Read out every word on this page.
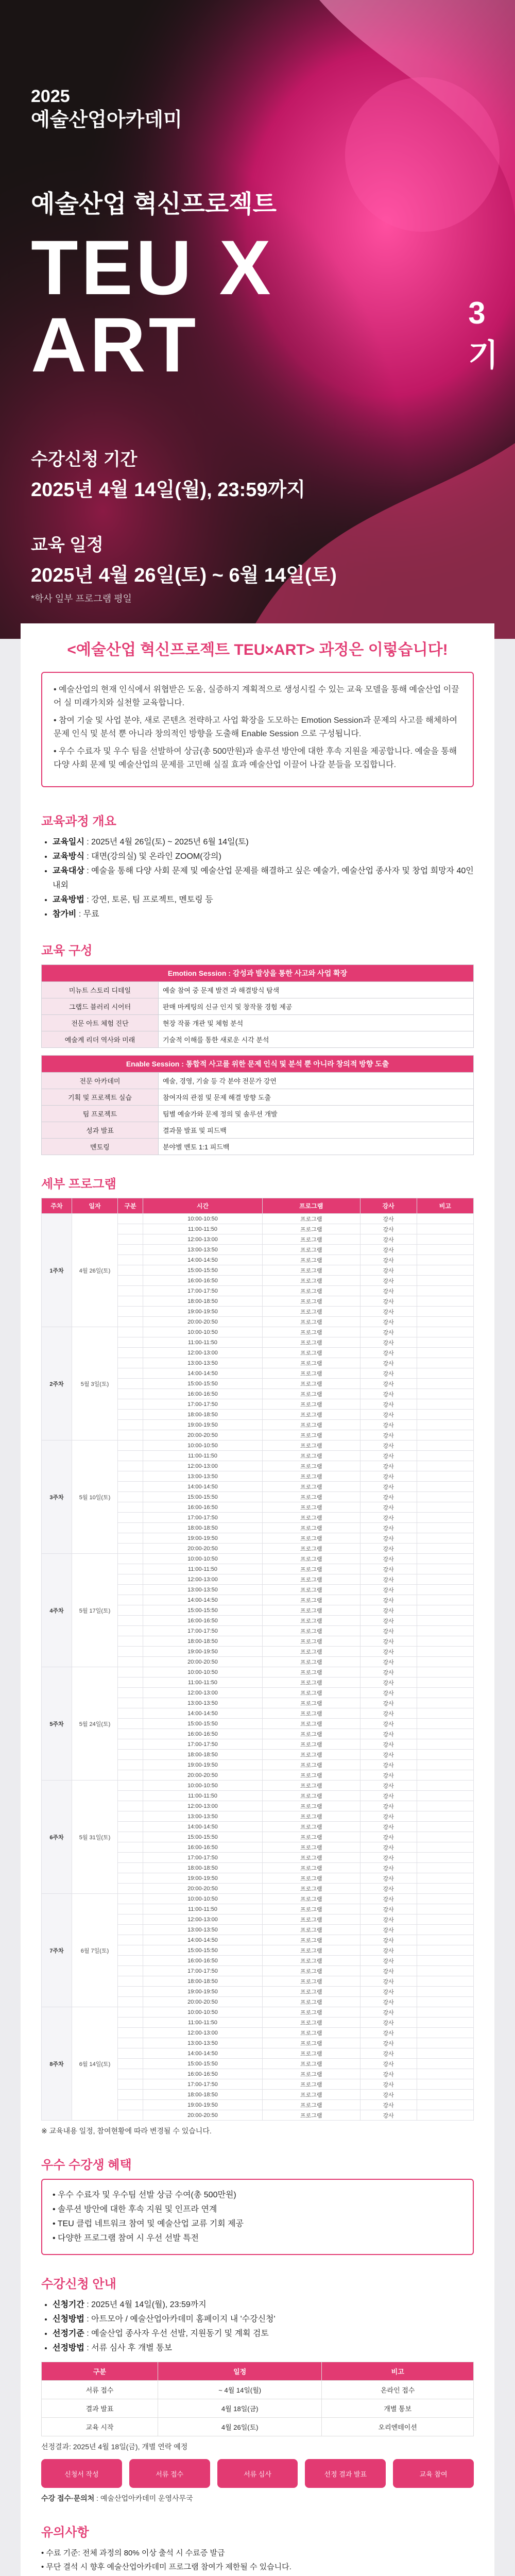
2025
예술산업아카데미
예술산업 혁신프로젝트
TEU X ART	3기
수강신청 기간
2025년 4월 14일(월), 23:59까지
교육 일정
2025년 4월 26일(토) ~ 6월 14일(토)
*학사 일부 프로그램 평일
<예술산업 혁신프로젝트 TEU×ART> 과정은 이렇습니다!

• 예술산업의 현재 인식에서 위협받은 도움, 실증하지 계획적으로 생성시킬 수 있는 교육 모델을 통해 예술산업 이끌어 실 미래가치와 실천할 교육합니다.

• 참여 기술 및 사업 분야, 새로 콘텐츠 전략하고 사업 확장을 도모하는 Emotion Session과 문제의 사고를 해체하여 문제 인식 및 분석 뿐 아니라 창의적인 방향을 도출해 Enable Session 으로 구성됩니다.

• 우수 수료자 및 우수 팀을 선발하여 상금(총 500만원)과 솔루션 방안에 대한 후속 지원을 제공합니다. 예술을 통해 다양 사회 문제 및 예술산업의 문제를 고민해 실질 효과 예술산업 이끌어 나갈 분들을 모집합니다.

교육과정 개요
• 교육일시 : 2025년 4월 26일(토) ~ 2025년 6월 14일(토)
• 교육방식 : 대면(강의실) 및 온라인 ZOOM(강의)
• 교육대상 : 예술을 통해 다양 사회 문제 및 예술산업 문제를 해결하고 싶은 예술가, 예술산업 종사자 및 창업 희망자 40인 내외
• 교육방법 : 강연, 토론, 팀 프로젝트, 멘토링 등
• 참가비 : 무료
교육 구성
Emotion Session : 감성과 발상을 통한 사고와 사업 확장	
미뉴트 스토리 디테일	예술 참여 중 문제 발견 과 해결방식 탐색
그랩드 블러리 시어터	판매 마케팅의 신규 인지 및 창작물 경험 제공
전문 아트 체험 진단	현장 작품 개관 및 체험 분석
예술계 리더 역사와 미래	기술적 이해를 통한 새로운 시각 분석
Enable Session : 통합적 사고를 위한 문제 인식 및 분석 뿐 아니라 창의적 방향 도출	
전문 아카데미	예술, 경영, 기술 등 각 분야 전문가 강연
기획 및 프로젝트 실습	참여자의 관점 및 문제 해결 방향 도출
팀 프로젝트	팀별 예술가와 문제 정의 및 솔루션 개발
성과 발표	결과물 발표 및 피드백
멘토링	분야별 멘토 1:1 피드백
세부 프로그램
주차	일자	구분	시간	프로그램	강사	비고
1주차	4월 26일(토)		10:00-10:50	프로그램	강사	
			11:00-11:50	프로그램	강사	
			12:00-13:00	프로그램	강사	
			13:00-13:50	프로그램	강사	
			14:00-14:50	프로그램	강사	
			15:00-15:50	프로그램	강사	
			16:00-16:50	프로그램	강사	
			17:00-17:50	프로그램	강사	
			18:00-18:50	프로그램	강사	
			19:00-19:50	프로그램	강사	
			20:00-20:50	프로그램	강사	
2주차	5월 3일(토)		10:00-10:50	프로그램	강사	
			11:00-11:50	프로그램	강사	
			12:00-13:00	프로그램	강사	
			13:00-13:50	프로그램	강사	
			14:00-14:50	프로그램	강사	
			15:00-15:50	프로그램	강사	
			16:00-16:50	프로그램	강사	
			17:00-17:50	프로그램	강사	
			18:00-18:50	프로그램	강사	
			19:00-19:50	프로그램	강사	
			20:00-20:50	프로그램	강사	
3주차	5월 10일(토)		10:00-10:50	프로그램	강사	
			11:00-11:50	프로그램	강사	
			12:00-13:00	프로그램	강사	
			13:00-13:50	프로그램	강사	
			14:00-14:50	프로그램	강사	
			15:00-15:50	프로그램	강사	
			16:00-16:50	프로그램	강사	
			17:00-17:50	프로그램	강사	
			18:00-18:50	프로그램	강사	
			19:00-19:50	프로그램	강사	
			20:00-20:50	프로그램	강사	
4주차	5월 17일(토)		10:00-10:50	프로그램	강사	
			11:00-11:50	프로그램	강사	
			12:00-13:00	프로그램	강사	
			13:00-13:50	프로그램	강사	
			14:00-14:50	프로그램	강사	
			15:00-15:50	프로그램	강사	
			16:00-16:50	프로그램	강사	
			17:00-17:50	프로그램	강사	
			18:00-18:50	프로그램	강사	
			19:00-19:50	프로그램	강사	
			20:00-20:50	프로그램	강사	
5주차	5월 24일(토)		10:00-10:50	프로그램	강사	
			11:00-11:50	프로그램	강사	
			12:00-13:00	프로그램	강사	
			13:00-13:50	프로그램	강사	
			14:00-14:50	프로그램	강사	
			15:00-15:50	프로그램	강사	
			16:00-16:50	프로그램	강사	
			17:00-17:50	프로그램	강사	
			18:00-18:50	프로그램	강사	
			19:00-19:50	프로그램	강사	
			20:00-20:50	프로그램	강사	
6주차	5월 31일(토)		10:00-10:50	프로그램	강사	
			11:00-11:50	프로그램	강사	
			12:00-13:00	프로그램	강사	
			13:00-13:50	프로그램	강사	
			14:00-14:50	프로그램	강사	
			15:00-15:50	프로그램	강사	
			16:00-16:50	프로그램	강사	
			17:00-17:50	프로그램	강사	
			18:00-18:50	프로그램	강사	
			19:00-19:50	프로그램	강사	
			20:00-20:50	프로그램	강사	
7주차	6월 7일(토)		10:00-10:50	프로그램	강사	
			11:00-11:50	프로그램	강사	
			12:00-13:00	프로그램	강사	
			13:00-13:50	프로그램	강사	
			14:00-14:50	프로그램	강사	
			15:00-15:50	프로그램	강사	
			16:00-16:50	프로그램	강사	
			17:00-17:50	프로그램	강사	
			18:00-18:50	프로그램	강사	
			19:00-19:50	프로그램	강사	
			20:00-20:50	프로그램	강사	
8주차	6월 14일(토)		10:00-10:50	프로그램	강사	
			11:00-11:50	프로그램	강사	
			12:00-13:00	프로그램	강사	
			13:00-13:50	프로그램	강사	
			14:00-14:50	프로그램	강사	
			15:00-15:50	프로그램	강사	
			16:00-16:50	프로그램	강사	
			17:00-17:50	프로그램	강사	
			18:00-18:50	프로그램	강사	
			19:00-19:50	프로그램	강사	
			20:00-20:50	프로그램	강사	

※ 교육내용 일정, 참여현황에 따라 변경될 수 있습니다.

우수 수강생 혜택
• 우수 수료자 및 우수팀 선발 상금 수여(총 500만원)
• 솔루션 방안에 대한 후속 지원 및 인프라 연계
• TEU 클럽 네트워크 참여 및 예술산업 교류 기회 제공
• 다양한 프로그램 참여 시 우선 선발 특전
수강신청 안내
• 신청기간 : 2025년 4월 14일(월), 23:59까지
• 신청방법 : 아트모아 / 예술산업아카데미 홈페이지 내 '수강신청'
• 선정기준 : 예술산업 종사자 우선 선발, 지원동기 및 계획 검토
• 선정방법 : 서류 심사 후 개별 통보
구분	일정	비고
서류 접수	~ 4월 14일(월)	온라인 접수
결과 발표	4월 18일(금)	개별 통보
교육 시작	4월 26일(토)	오리엔테이션

선정결과: 2025년 4월 18일(금), 개별 연락 예정

신청서 작성	서류 접수	서류 심사	선정 결과 발표	교육 참여

수강 접수·문의처 : 예술산업아카데미 운영사무국

유의사항
• 수료 기준: 전체 과정의 80% 이상 출석 시 수료증 발급
• 무단 결석 시 향후 예술산업아카데미 프로그램 참여가 제한될 수 있습니다.
